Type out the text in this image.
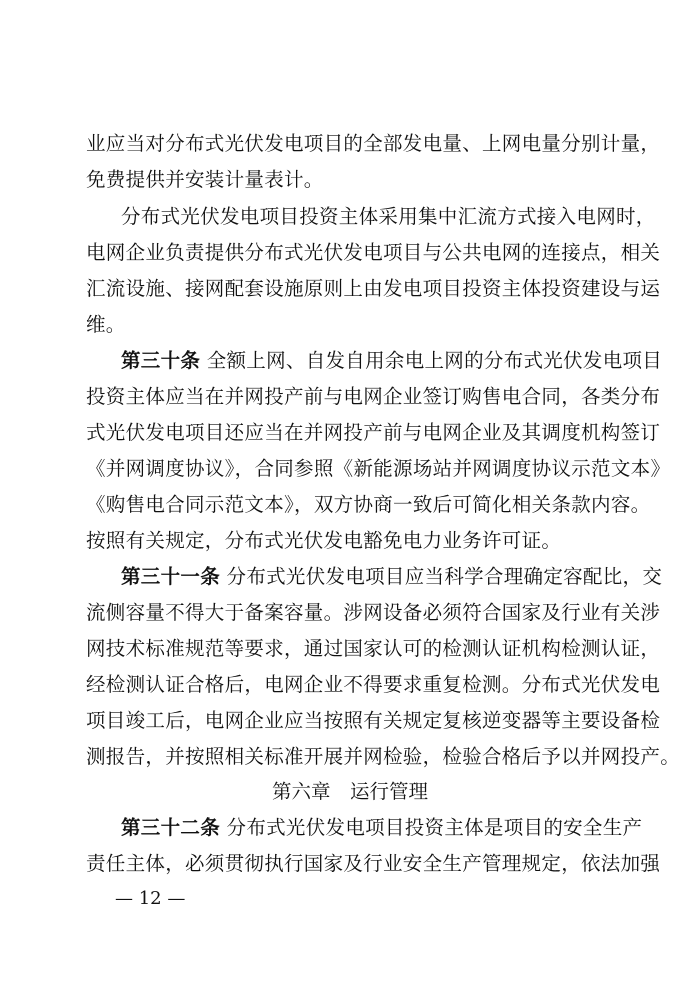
业应当对分布式光伏发电项目的全部发电量、上网电量分别计量，
免费提供并安装计量表计。
分布式光伏发电项目投资主体采用集中汇流方式接入电网时，
电网企业负责提供分布式光伏发电项目与公共电网的连接点，相关
汇流设施、接网配套设施原则上由发电项目投资主体投资建设与运
维。
第三十条 全额上网、自发自用余电上网的分布式光伏发电项目
投资主体应当在并网投产前与电网企业签订购售电合同，各类分布
式光伏发电项目还应当在并网投产前与电网企业及其调度机构签订
《并网调度协议》，合同参照《新能源场站并网调度协议示范文本》
《购售电合同示范文本》，双方协商一致后可简化相关条款内容。
按照有关规定，分布式光伏发电豁免电力业务许可证。
第三十一条 分布式光伏发电项目应当科学合理确定容配比，交
流侧容量不得大于备案容量。涉网设备必须符合国家及行业有关涉
网技术标准规范等要求，通过国家认可的检测认证机构检测认证，
经检测认证合格后，电网企业不得要求重复检测。分布式光伏发电
项目竣工后，电网企业应当按照有关规定复核逆变器等主要设备检
测报告，并按照相关标准开展并网检验，检验合格后予以并网投产。
第六章　运行管理
第三十二条 分布式光伏发电项目投资主体是项目的安全生产
责任主体，必须贯彻执行国家及行业安全生产管理规定，依法加强
— 12 —
